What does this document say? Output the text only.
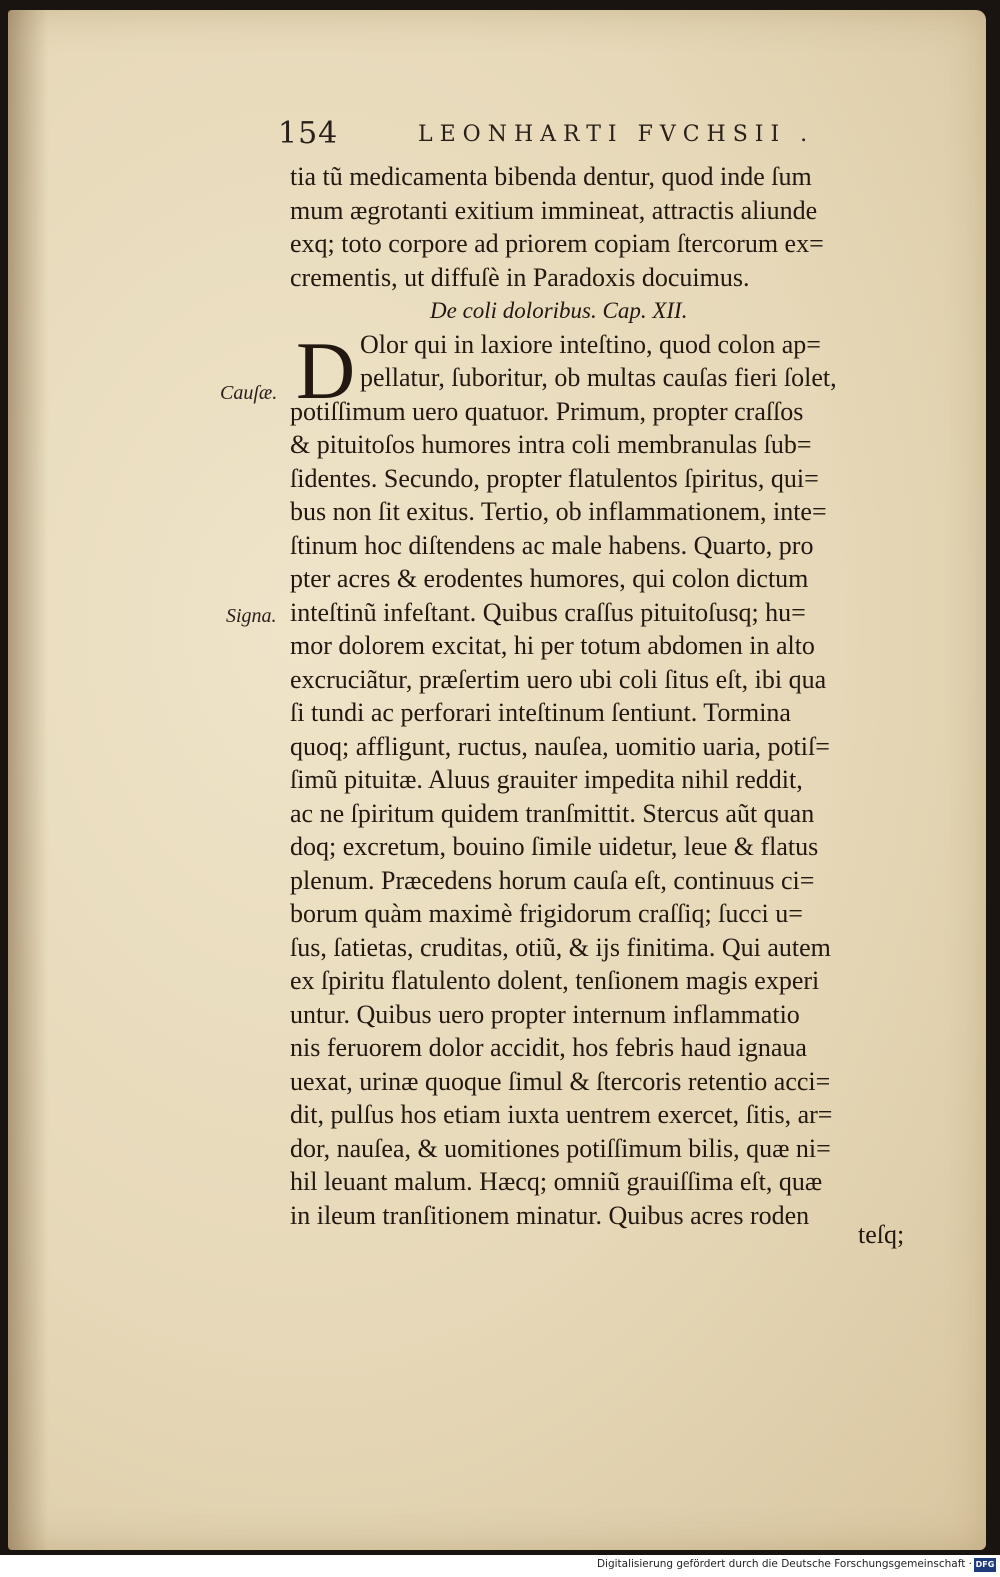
154	LEONHARTI FVCHSII .
Cauſæ.
Signa.
tia tũ medicamenta bibenda dentur, quod inde ſum
mum ægrotanti exitium immineat, attractis aliunde
exq; toto corpore ad priorem copiam ſtercorum ex=
crementis, ut diffuſè in Paradoxis docuimus.
De coli doloribus. Cap. XII.
D Olor qui in laxiore inteſtino, quod colon ap=
pellatur, ſuboritur, ob multas cauſas fieri ſolet,
potiſſimum uero quatuor. Primum, propter craſſos
& pituitoſos humores intra coli membranulas ſub=
ſidentes. Secundo, propter flatulentos ſpiritus, qui=
bus non ſit exitus. Tertio, ob inflammationem, inte=
ſtinum hoc diſtendens ac male habens. Quarto, pro
pter acres & erodentes humores, qui colon dictum
inteſtinũ infeſtant. Quibus craſſus pituitoſusq; hu=
mor dolorem excitat, hi per totum abdomen in alto
excruciãtur, præſertim uero ubi coli ſitus eſt, ibi qua
ſi tundi ac perforari inteſtinum ſentiunt. Tormina
quoq; affligunt, ructus, nauſea, uomitio uaria, potiſ=
ſimũ pituitæ. Aluus grauiter impedita nihil reddit,
ac ne ſpiritum quidem tranſmittit. Stercus aũt quan
doq; excretum, bouino ſimile uidetur, leue & flatus
plenum. Præcedens horum cauſa eſt, continuus ci=
borum quàm maximè frigidorum craſſiq; ſucci u=
ſus, ſatietas, cruditas, otiũ, & ijs finitima. Qui autem
ex ſpiritu flatulento dolent, tenſionem magis experi
untur. Quibus uero propter internum inflammatio
nis feruorem dolor accidit, hos febris haud ignaua
uexat, urinæ quoque ſimul & ſtercoris retentio acci=
dit, pulſus hos etiam iuxta uentrem exercet, ſitis, ar=
dor, nauſea, & uomitiones potiſſimum bilis, quæ ni=
hil leuant malum. Hæcq; omniũ grauiſſima eſt, quæ
in ileum tranſitionem minatur. Quibus acres roden
teſq;
Digitalisierung gefördert durch die Deutsche Forschungsgemeinschaft · DFG
